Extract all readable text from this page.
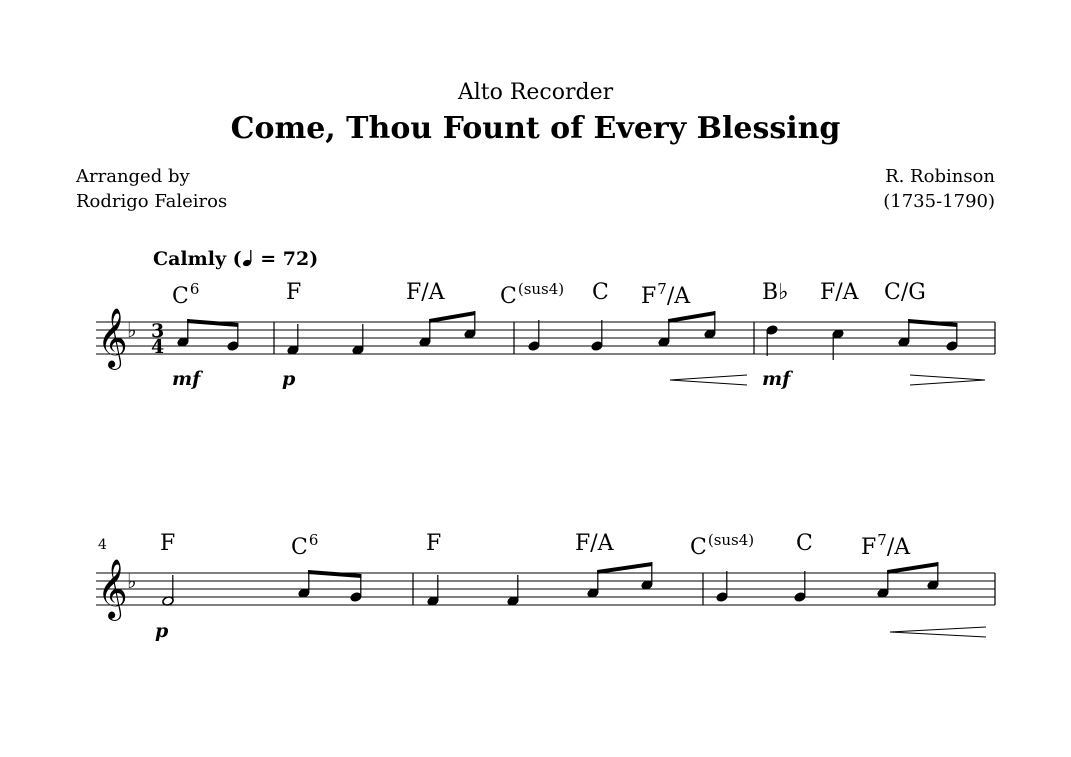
Alto Recorder
Come, Thou Fount of Every Blessing
Arranged by
Rodrigo Faleiros
R. Robinson
(1735-1790)
Calmly ( = 72)
$C^6$	F	F/A	$C^{(sus4)}$ C $F^7/A$	B♭ F/A C/G
4 F	$C^6$	F	F/A	$C^{(sus4)}$ C $F^7/A$
mf	p	mf
p
𝄞 ♭ 3
4
𝄞 ♭
